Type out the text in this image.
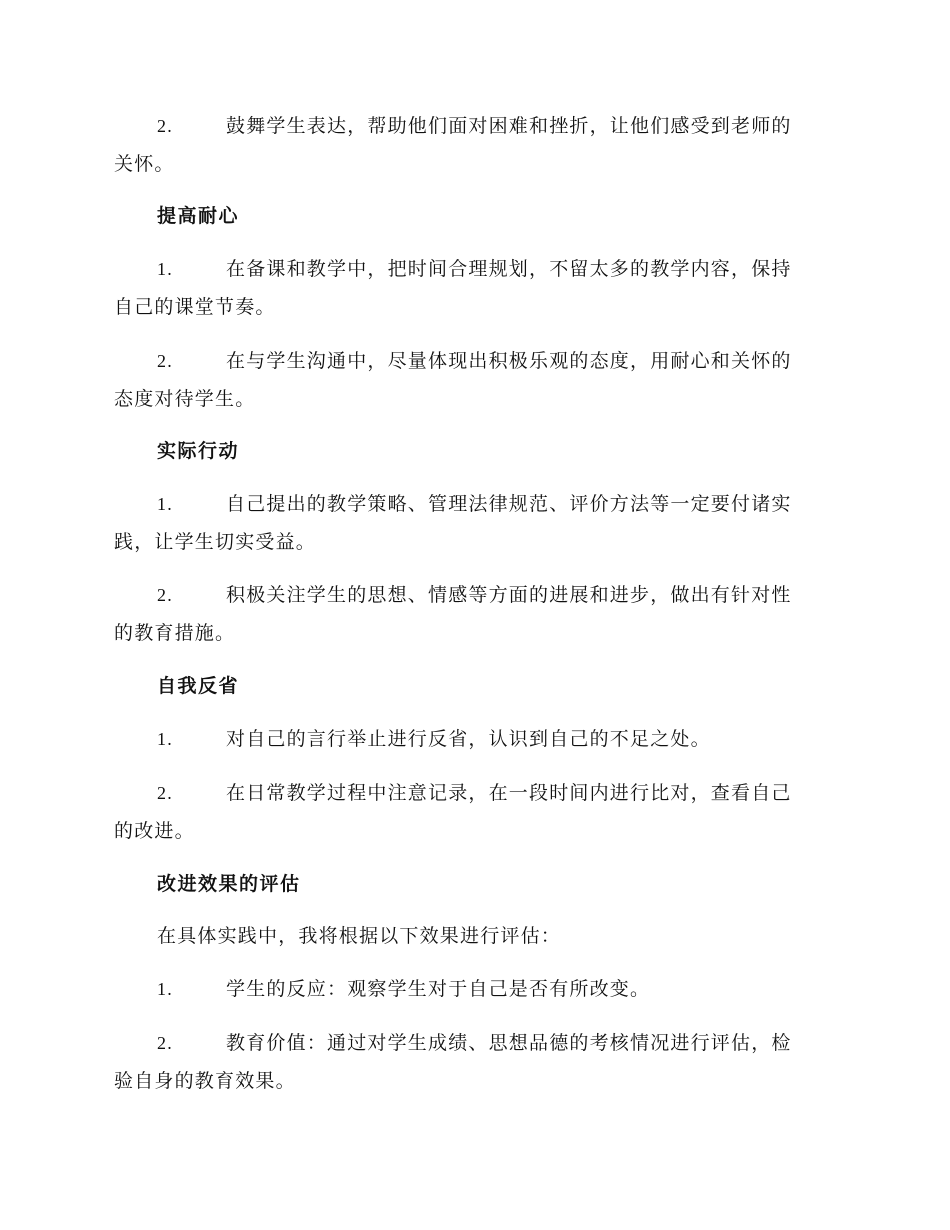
2.	鼓舞学生表达，帮助他们面对困难和挫折，让他们感受到老师的
关怀。
提高耐心
1.	在备课和教学中，把时间合理规划，不留太多的教学内容，保持
自己的课堂节奏。
2.	在与学生沟通中，尽量体现出积极乐观的态度，用耐心和关怀的
态度对待学生。
实际行动
1.	自己提出的教学策略、管理法律规范、评价方法等一定要付诸实
践，让学生切实受益。
2.	积极关注学生的思想、情感等方面的进展和进步，做出有针对性
的教育措施。
自我反省
1.	对自己的言行举止进行反省，认识到自己的不足之处。
2.	在日常教学过程中注意记录，在一段时间内进行比对，查看自己
的改进。
改进效果的评估
在具体实践中，我将根据以下效果进行评估：
1.	学生的反应：观察学生对于自己是否有所改变。
2.	教育价值：通过对学生成绩、思想品德的考核情况进行评估，检
验自身的教育效果。
